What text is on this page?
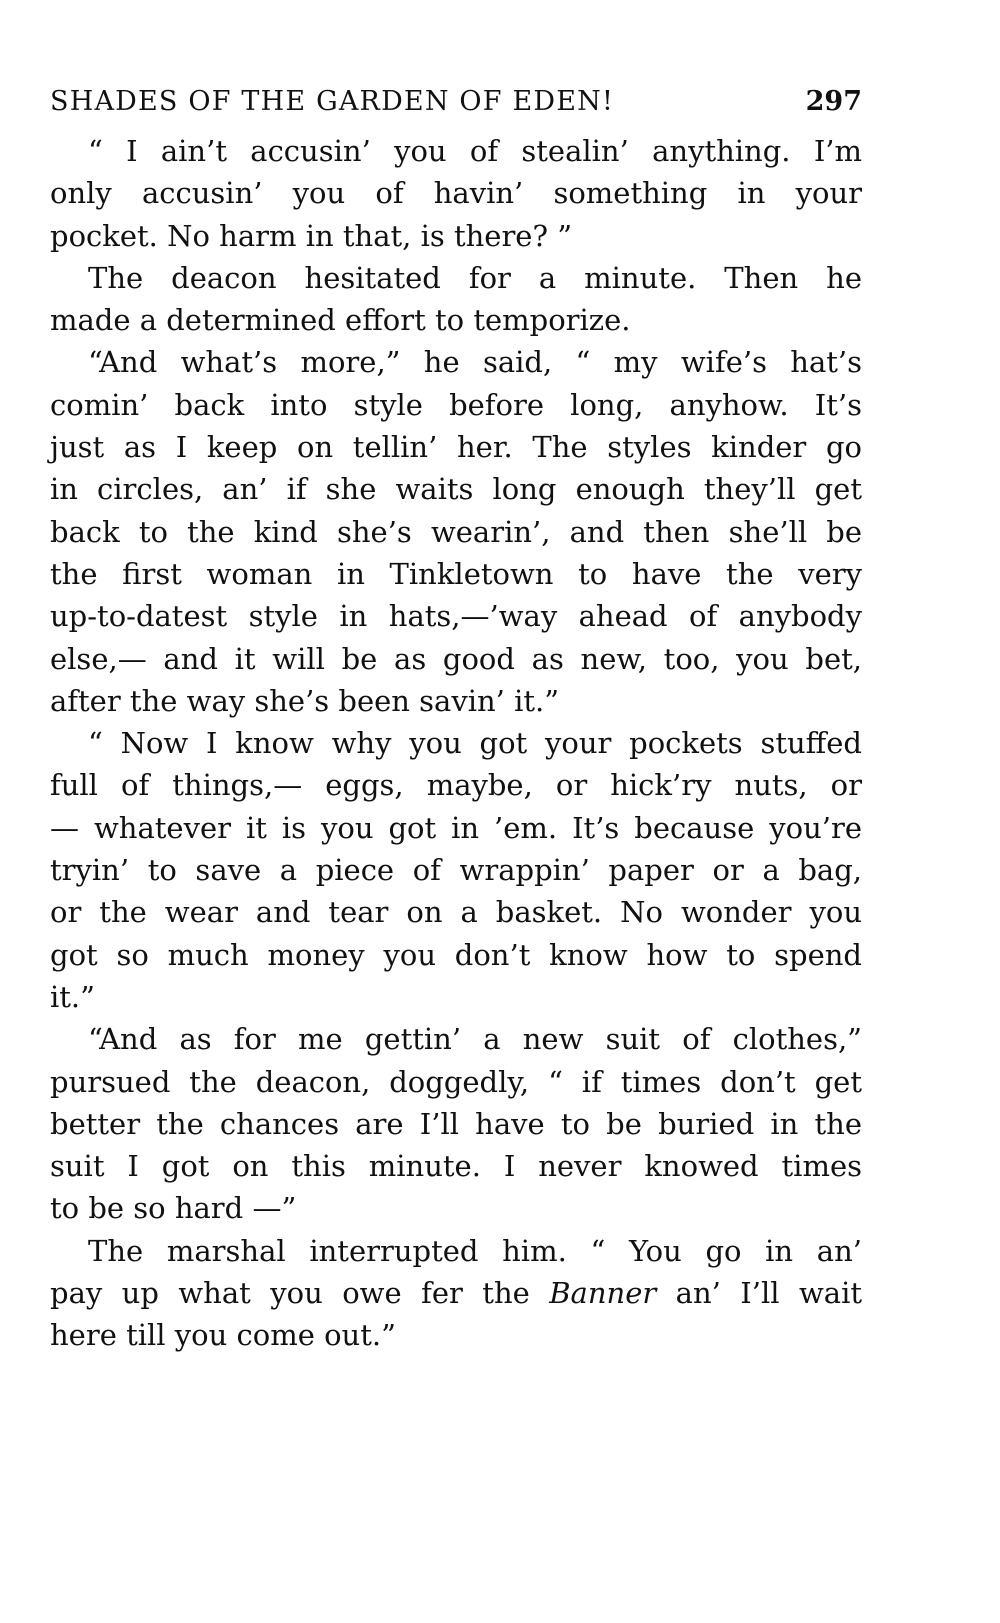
SHADES OF THE GARDEN OF EDEN!	297

“ I ain’t accusin’ you of stealin’ anything. I’m
only accusin’ you of havin’ something in your
pocket. No harm in that, is there? ”

The deacon hesitated for a minute. Then he
made a determined effort to temporize.

“And what’s more,” he said, “ my wife’s hat’s
comin’ back into style before long, anyhow. It’s
just as I keep on tellin’ her. The styles kinder go
in circles, an’ if she waits long enough they’ll get
back to the kind she’s wearin’, and then she’ll be
the first woman in Tinkletown to have the very
up-to-datest style in hats,—’way ahead of anybody
else,— and it will be as good as new, too, you bet,
after the way she’s been savin’ it.”

“ Now I know why you got your pockets stuffed
full of things,— eggs, maybe, or hick’ry nuts, or
— whatever it is you got in ’em. It’s because you’re
tryin’ to save a piece of wrappin’ paper or a bag,
or the wear and tear on a basket. No wonder you
got so much money you don’t know how to spend
it.”

“And as for me gettin’ a new suit of clothes,”
pursued the deacon, doggedly, “ if times don’t get
better the chances are I’ll have to be buried in the
suit I got on this minute. I never knowed times
to be so hard —”

The marshal interrupted him. “ You go in an’
pay up what you owe fer the Banner an’ I’ll wait
here till you come out.”
